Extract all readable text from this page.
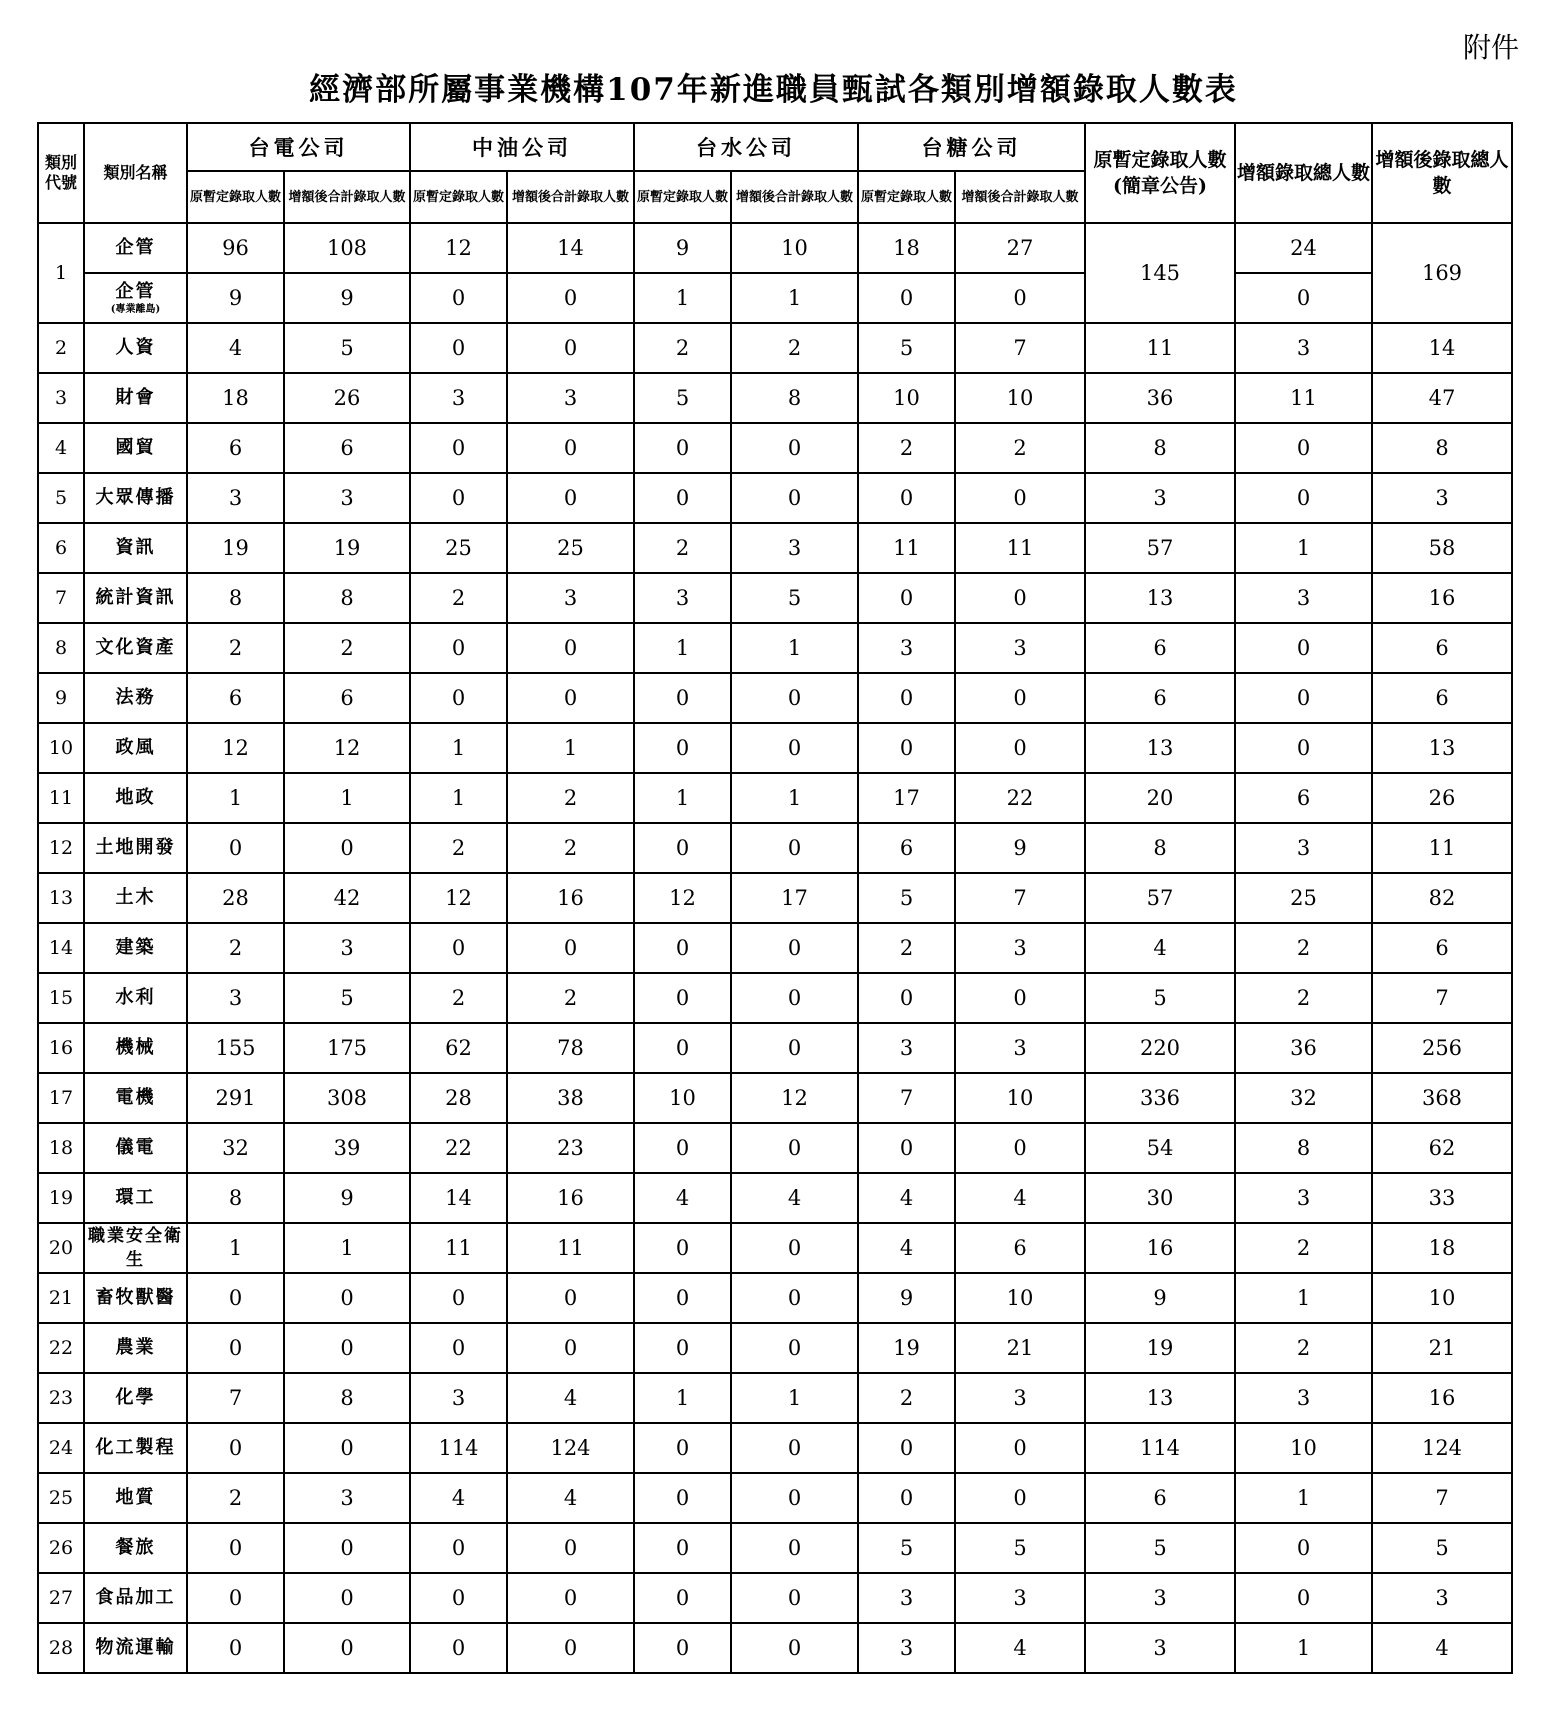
附件
經濟部所屬事業機構107年新進職員甄試各類別增額錄取人數表
類別代號	類別名稱	台電公司		中油公司		台水公司		台糖公司		原暫定錄取人數(簡章公告)	增額錄取總人數	增額後錄取總人數
		原暫定錄取人數	增額後合計錄取人數	原暫定錄取人數	增額後合計錄取人數	原暫定錄取人數	增額後合計錄取人數	原暫定錄取人數	增額後合計錄取人數			
1	企管	96	108	12	14	9	10	18	27	145	24	169

	企管
(專業離島)	9	9	0	0	1	1	0	0		0	
2	人資	4	5	0	0	2	2	5	7	11	3	14
3	財會	18	26	3	3	5	8	10	10	36	11	47
4	國貿	6	6	0	0	0	0	2	2	8	0	8
5	大眾傳播	3	3	0	0	0	0	0	0	3	0	3
6	資訊	19	19	25	25	2	3	11	11	57	1	58
7	統計資訊	8	8	2	3	3	5	0	0	13	3	16
8	文化資產	2	2	0	0	1	1	3	3	6	0	6
9	法務	6	6	0	0	0	0	0	0	6	0	6
10	政風	12	12	1	1	0	0	0	0	13	0	13
11	地政	1	1	1	2	1	1	17	22	20	6	26
12	土地開發	0	0	2	2	0	0	6	9	8	3	11
13	土木	28	42	12	16	12	17	5	7	57	25	82
14	建築	2	3	0	0	0	0	2	3	4	2	6
15	水利	3	5	2	2	0	0	0	0	5	2	7
16	機械	155	175	62	78	0	0	3	3	220	36	256
17	電機	291	308	28	38	10	12	7	10	336	32	368
18	儀電	32	39	22	23	0	0	0	0	54	8	62
19	環工	8	9	14	16	4	4	4	4	30	3	33
20	職業安全衛生	1	1	11	11	0	0	4	6	16	2	18
21	畜牧獸醫	0	0	0	0	0	0	9	10	9	1	10
22	農業	0	0	0	0	0	0	19	21	19	2	21
23	化學	7	8	3	4	1	1	2	3	13	3	16
24	化工製程	0	0	114	124	0	0	0	0	114	10	124
25	地質	2	3	4	4	0	0	0	0	6	1	7
26	餐旅	0	0	0	0	0	0	5	5	5	0	5
27	食品加工	0	0	0	0	0	0	3	3	3	0	3
28	物流運輸	0	0	0	0	0	0	3	4	3	1	4
